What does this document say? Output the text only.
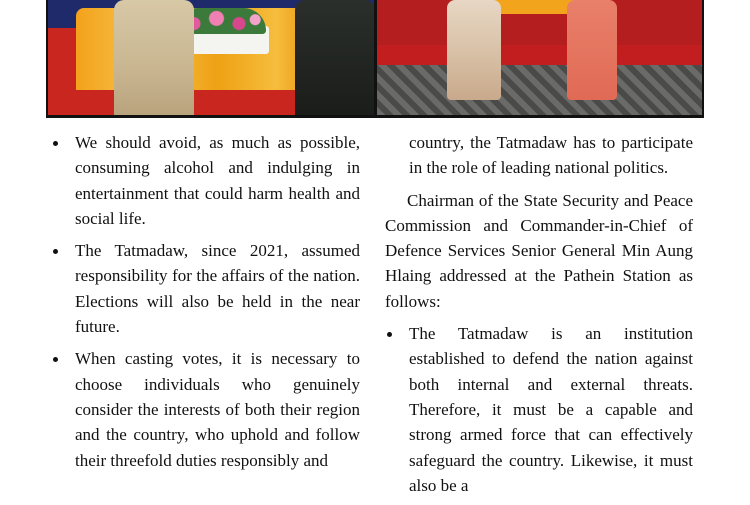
We should avoid, as much as possible, consuming alcohol and indulging in entertainment that could harm health and social life.

The Tatmadaw, since 2021, assumed responsibility for the affairs of the nation. Elections will also be held in the near future.

When casting votes, it is necessary to choose individuals who genuinely consider the interests of both their region and the country, who uphold and follow their threefold duties responsibly and

country, the Tatmadaw has to participate in the role of leading national politics.

Chairman of the State Security and Peace Commission and Commander-in-Chief of Defence Services Senior General Min Aung Hlaing addressed at the Pathein Station as follows:

The Tatmadaw is an institution established to defend the nation against both internal and external threats. Therefore, it must be a capable and strong armed force that can effectively safeguard the country. Likewise, it must also be a
